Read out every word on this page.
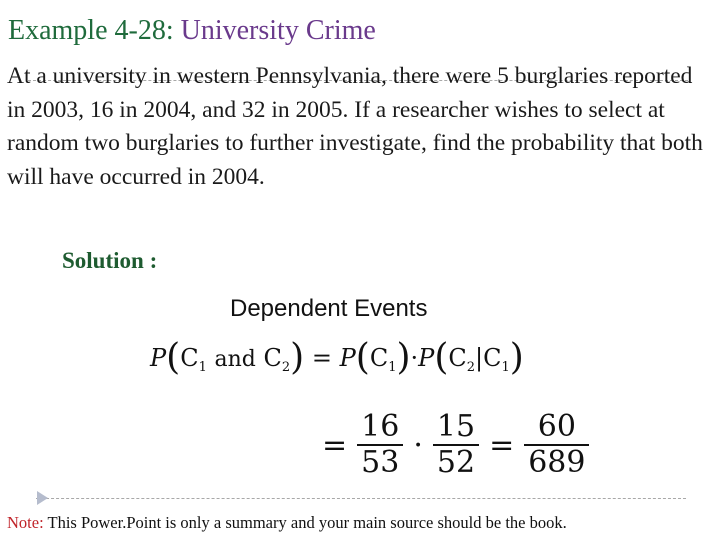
Example 4-28: University Crime

At a university in western Pennsylvania, there were 5 burglaries reported in 2003, 16 in 2004, and 32 in 2005. If a researcher wishes to select at random two burglaries to further investigate, find the probability that both will have occurred in 2004.

Solution :
Dependent Events
$P(C_1$ and $C_2) = P(C_1)\cdot P(C_2|C_1)$
= $\frac{16}{53} \cdot \frac{15}{52} = \frac{60}{689}$
Note: This Power.Point is only a summary and your main source should be the book.
